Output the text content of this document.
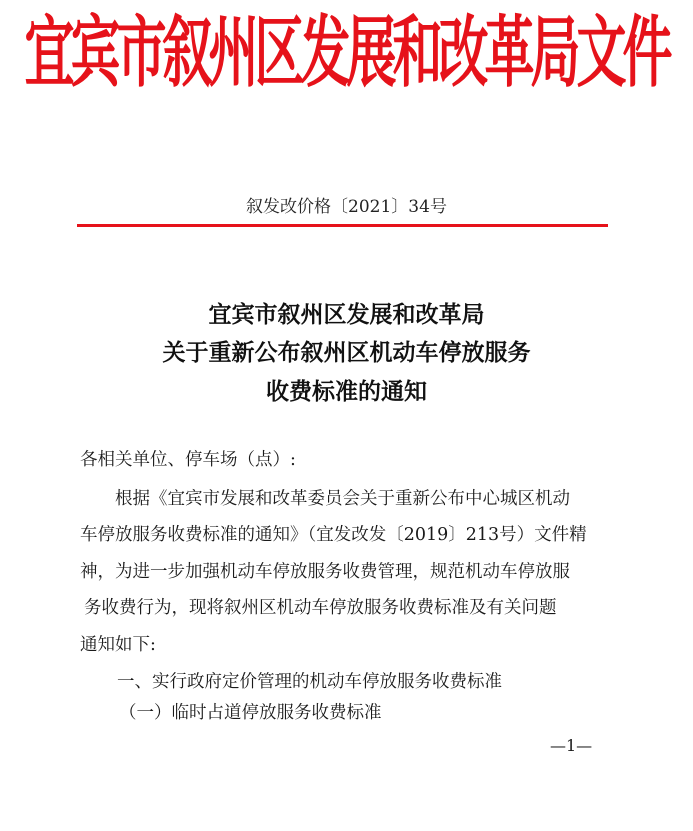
宜宾市叙州区发展和改革局文件
叙发改价格〔2021〕34号
宜宾市叙州区发展和改革局
关于重新公布叙州区机动车停放服务
收费标准的通知
各相关单位、停车场（点）:
根据《宜宾市发展和改革委员会关于重新公布中心城区机动
车停放服务收费标准的通知》（宜发改发〔2019〕213号）文件精
神，为进一步加强机动车停放服务收费管理，规范机动车停放服
务收费行为，现将叙州区机动车停放服务收费标准及有关问题
通知如下:
一、实行政府定价管理的机动车停放服务收费标准
（一）临时占道停放服务收费标准
—1—
